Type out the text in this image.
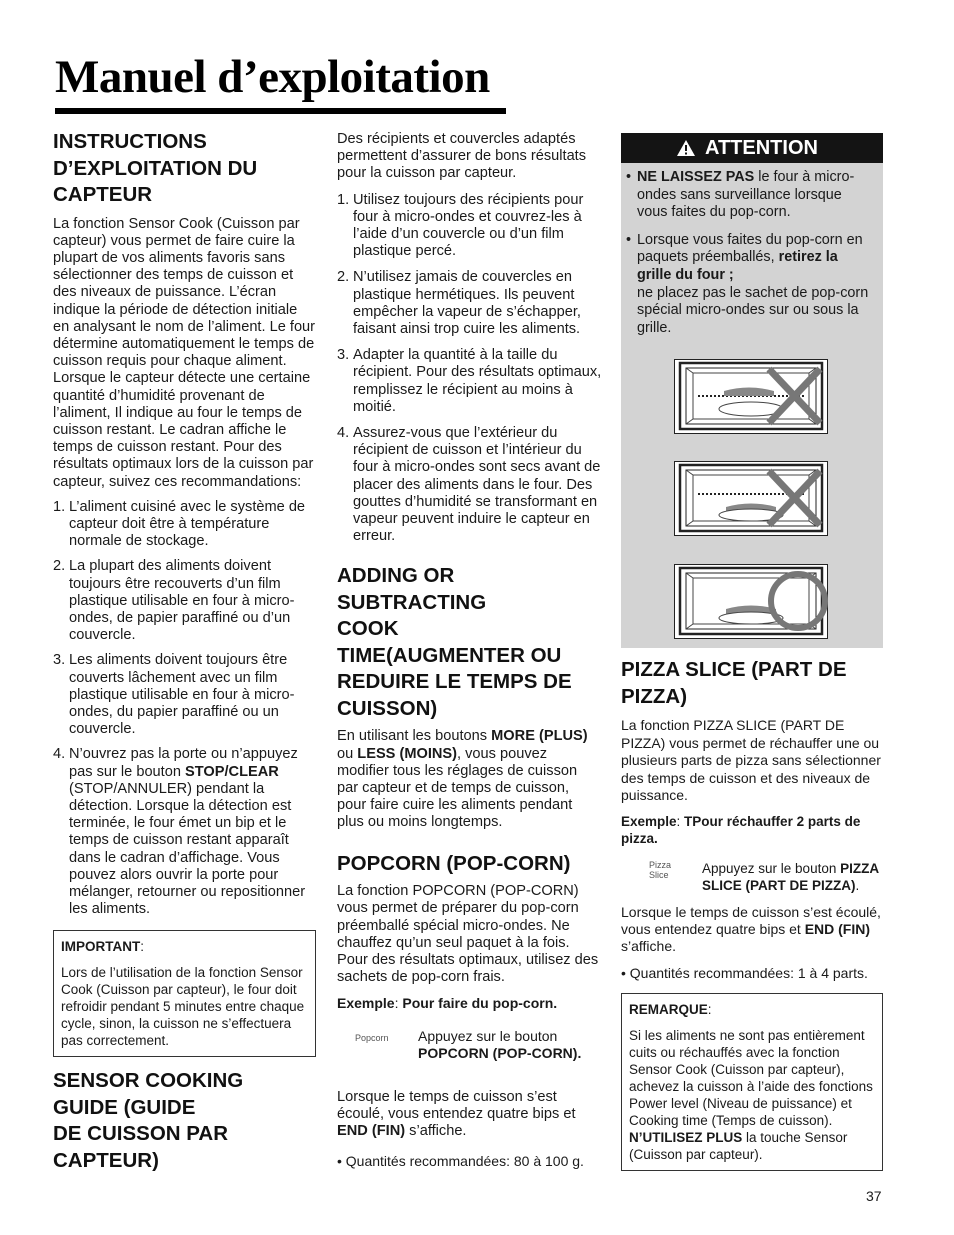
Manuel d’exploitation
INSTRUCTIONS
D’EXPLOITATION DU
CAPTEUR

La fonction Sensor Cook (Cuisson par capteur) vous permet de faire cuire la plupart de vos aliments favoris sans sélectionner des temps de cuisson et des niveaux de puissance. L’écran indique la période de détection initiale en analysant le nom de l’aliment. Le four détermine automatiquement le temps de cuisson requis pour chaque aliment. Lorsque le capteur détecte une certaine quantité d’humidité provenant de l’aliment, Il indique au four le temps de cuisson restant. Le cadran affiche le temps de cuisson restant. Pour des résultats optimaux lors de la cuisson par capteur, suivez ces recommandations:

1. L’aliment cuisiné avec le système de capteur doit être à température normale de stockage.
2. La plupart des aliments doivent toujours être recouverts d’un film plastique utilisable en four à micro-ondes, de papier paraffiné ou d’un couvercle.
3. Les aliments doivent toujours être couverts lâchement avec un film plastique utilisable en four à micro-ondes, du papier paraffiné ou un couvercle.
4. N’ouvrez pas la porte ou n’appuyez pas sur le bouton STOP/CLEAR (STOP/ANNULER) pendant la détection. Lorsque la détection est terminée, le four émet un bip et le temps de cuisson restant apparaît dans le cadran d’affichage. Vous pouvez alors ouvrir la porte pour mélanger, retourner ou repositionner les aliments.

IMPORTANT:

Lors de l’utilisation de la fonction Sensor Cook (Cuisson par capteur), le four doit refroidir pendant 5 minutes entre chaque cycle, sinon, la cuisson ne s’effectuera pas correctement.

SENSOR COOKING
GUIDE (GUIDE
DE CUISSON PAR
CAPTEUR)

Des récipients et couvercles adaptés permettent d’assurer de bons résultats pour la cuisson par capteur.

1. Utilisez toujours des récipients pour four à micro-ondes et couvrez-les à l’aide d’un couvercle ou d’un film plastique percé.
2. N’utilisez jamais de couvercles en plastique hermétiques. Ils peuvent empêcher la vapeur de s’échapper, faisant ainsi trop cuire les aliments.
3. Adapter la quantité à la taille du récipient. Pour des résultats optimaux, remplissez le récipient au moins à moitié.
4. Assurez-vous que l’extérieur du récipient de cuisson et l’intérieur du four à micro-ondes sont secs avant de placer des aliments dans le four. Des gouttes d’humidité se transformant en vapeur peuvent induire le capteur en erreur.
ADDING OR
SUBTRACTING
COOK
TIME(AUGMENTER OU
REDUIRE LE TEMPS DE
CUISSON)

En utilisant les boutons MORE (PLUS) ou LESS (MOINS), vous pouvez modifier tous les réglages de cuisson par capteur et de temps de cuisson, pour faire cuire les aliments pendant plus ou moins longtemps.

POPCORN (POP-CORN)

La fonction POPCORN (POP-CORN) vous permet de préparer du pop-corn préemballé spécial micro-ondes. Ne chauffez qu’un seul paquet à la fois. Pour des résultats optimaux, utilisez des sachets de pop-corn frais.

Exemple: Pour faire du pop-corn.

Popcorn Appuyez sur le bouton POPCORN (POP-CORN).

Lorsque le temps de cuisson s’est écoulé, vous entendez quatre bips et END (FIN) s’affiche.

• Quantités recommandées: 80 à 100 g.

ATTENTION

• NE LAISSEZ PAS le four à micro-ondes sans surveillance lorsque vous faites du pop-corn.

• Lorsque vous faites du pop-corn en paquets préemballés, retirez la grille du four ;
ne placez pas le sachet de pop-corn spécial micro-ondes sur ou sous la grille.

PIZZA SLICE (PART DE
PIZZA)

La fonction PIZZA SLICE (PART DE PIZZA) vous permet de réchauffer une ou plusieurs parts de pizza sans sélectionner des temps de cuisson et des niveaux de puissance.

Exemple: TPour réchauffer 2 parts de pizza.

Pizza
Slice Appuyez sur le bouton PIZZA SLICE (PART DE PIZZA).

Lorsque le temps de cuisson s’est écoulé, vous entendez quatre bips et END (FIN) s’affiche.

• Quantités recommandées: 1 à 4 parts.

REMARQUE:

Si les aliments ne sont pas entièrement cuits ou réchauffés avec la fonction Sensor Cook (Cuisson par capteur), achevez la cuisson à l’aide des fonctions Power level (Niveau de puissance) et Cooking time (Temps de cuisson). N’UTILISEZ PLUS la touche Sensor (Cuisson par capteur).

37
